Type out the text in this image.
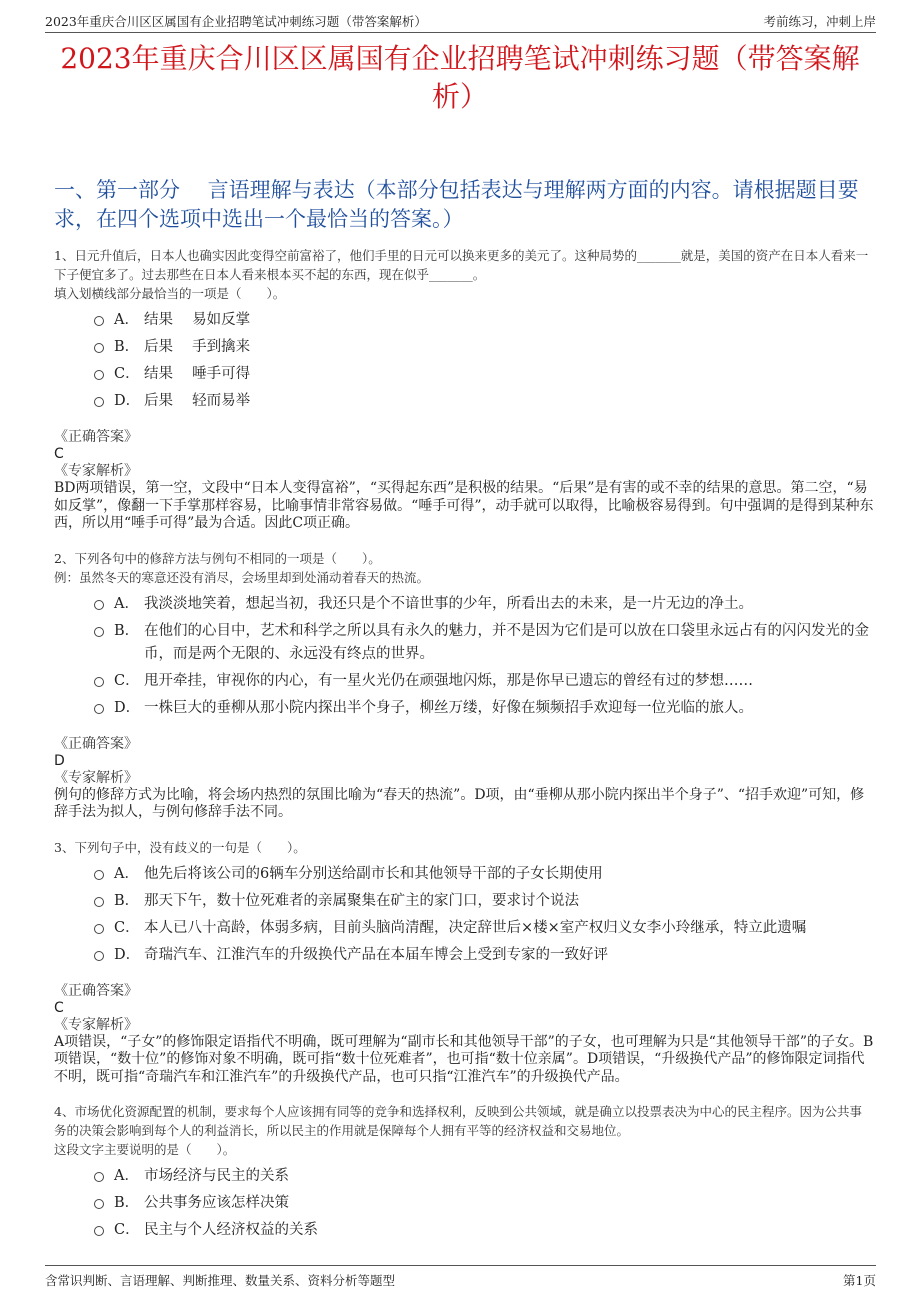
2023年重庆合川区区属国有企业招聘笔试冲刺练习题（带答案解析）	考前练习，冲刺上岸
2023年重庆合川区区属国有企业招聘笔试冲刺练习题（带答案解析）
一、第一部分　 言语理解与表达（本部分包括表达与理解两方面的内容。请根据题目要求，在四个选项中选出一个最恰当的答案。）
1、日元升值后，日本人也确实因此变得空前富裕了，他们手里的日元可以换来更多的美元了。这种局势的_______就是，美国的资产在日本人看来一下子便宜多了。过去那些在日本人看来根本买不起的东西，现在似乎_______。
填入划横线部分最恰当的一项是（　　）。
A． 结果　 易如反掌
B． 后果　 手到擒来
C． 结果　 唾手可得
D． 后果　 轻而易举
《正确答案》
C
《专家解析》
BD两项错误，第一空，文段中“日本人变得富裕”，“买得起东西”是积极的结果。“后果”是有害的或不幸的结果的意思。第二空，“易如反掌”，像翻一下手掌那样容易，比喻事情非常容易做。“唾手可得”，动手就可以取得，比喻极容易得到。句中强调的是得到某种东西，所以用“唾手可得”最为合适。因此C项正确。
2、下列各句中的修辞方法与例句不相同的一项是（　　）。
例：虽然冬天的寒意还没有消尽，会场里却到处涌动着春天的热流。
A． 我淡淡地笑着，想起当初，我还只是个不谙世事的少年，所看出去的未来，是一片无边的净土。
B． 在他们的心目中，艺术和科学之所以具有永久的魅力，并不是因为它们是可以放在口袋里永远占有的闪闪发光的金币，而是两个无限的、永远没有终点的世界。
C． 甩开牵挂，审视你的内心，有一星火光仍在顽强地闪烁，那是你早已遗忘的曾经有过的梦想……
D． 一株巨大的垂柳从那小院内探出半个身子，柳丝万缕，好像在频频招手欢迎每一位光临的旅人。
《正确答案》
D
《专家解析》
例句的修辞方式为比喻，将会场内热烈的氛围比喻为“春天的热流”。D项，由“垂柳从那小院内探出半个身子”、“招手欢迎”可知，修辞手法为拟人，与例句修辞手法不同。
3、下列句子中，没有歧义的一句是（　　）。
A． 他先后将该公司的6辆车分别送给副市长和其他领导干部的子女长期使用
B． 那天下午，数十位死难者的亲属聚集在矿主的家门口，要求讨个说法
C． 本人已八十高龄，体弱多病，目前头脑尚清醒，决定辞世后×楼×室产权归义女李小玲继承，特立此遗嘱
D． 奇瑞汽车、江淮汽车的升级换代产品在本届车博会上受到专家的一致好评
《正确答案》
C
《专家解析》
A项错误，“子女”的修饰限定语指代不明确，既可理解为“副市长和其他领导干部”的子女，也可理解为只是“其他领导干部”的子女。B项错误，“数十位”的修饰对象不明确，既可指“数十位死难者”，也可指“数十位亲属”。D项错误，“升级换代产品”的修饰限定词指代不明，既可指“奇瑞汽车和江淮汽车”的升级换代产品，也可只指“江淮汽车”的升级换代产品。
4、市场优化资源配置的机制，要求每个人应该拥有同等的竞争和选择权利，反映到公共领域，就是确立以投票表决为中心的民主程序。因为公共事务的决策会影响到每个人的利益消长，所以民主的作用就是保障每个人拥有平等的经济权益和交易地位。
这段文字主要说明的是（　　）。
A． 市场经济与民主的关系
B． 公共事务应该怎样决策
C． 民主与个人经济权益的关系
含常识判断、言语理解、判断推理、数量关系、资料分析等题型	第1页
